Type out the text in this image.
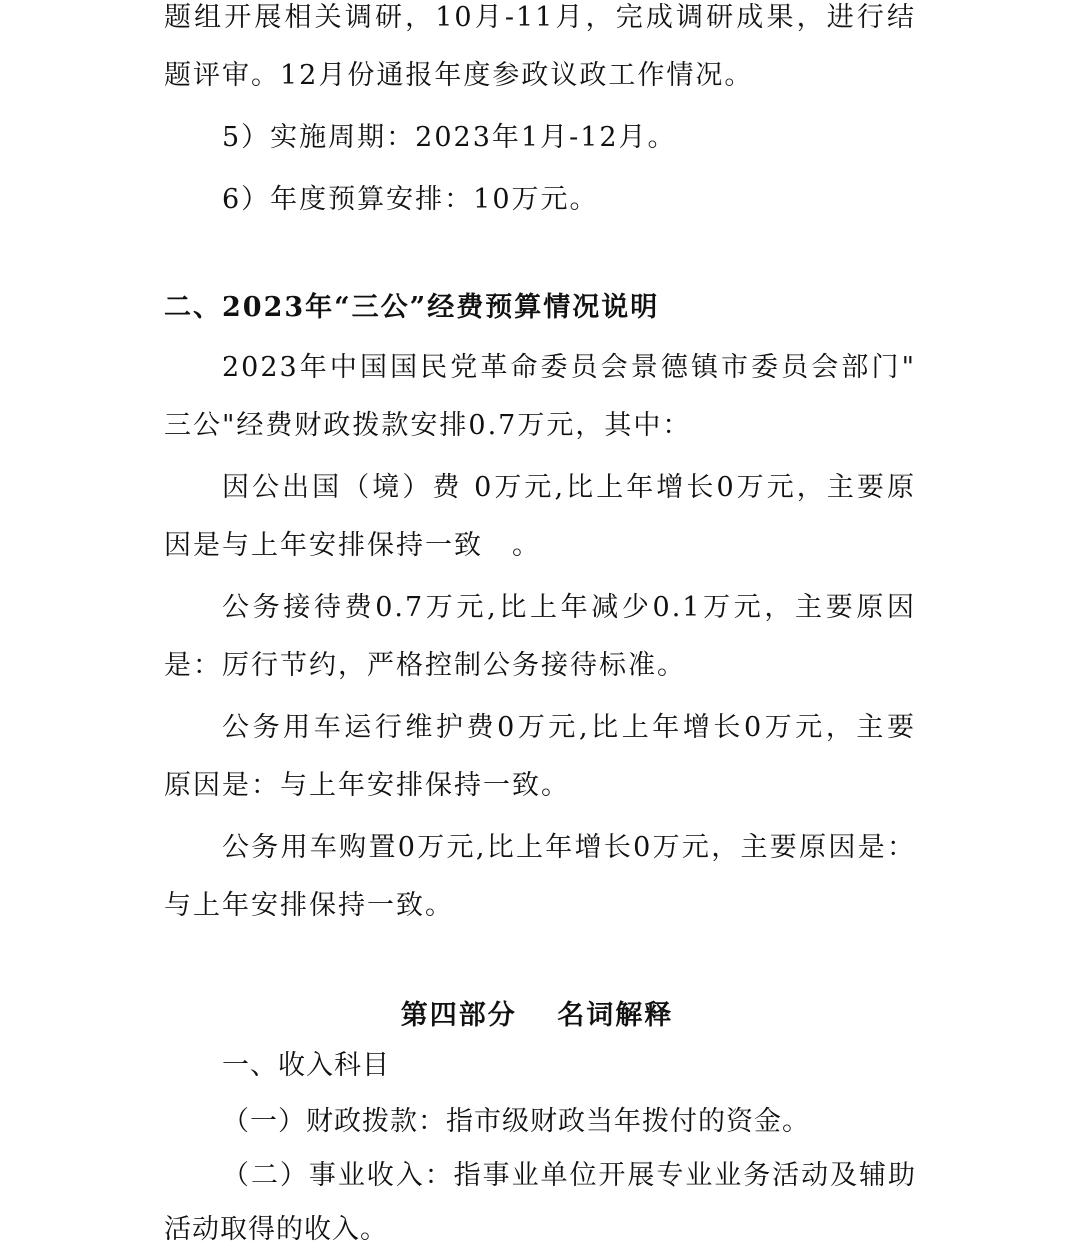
题组开展相关调研，10月-11月，完成调研成果，进行结
题评审。12月份通报年度参政议政工作情况。
5）实施周期：2023年1月-12月。
6）年度预算安排：10万元。
二、2023年“三公”经费预算情况说明
2023年中国国民党革命委员会景德镇市委员会部门"
三公"经费财政拨款安排0.7万元，其中：
因公出国（境）费 0万元,比上年增长0万元，主要原
因是与上年安排保持一致　。
公务接待费0.7万元,比上年减少0.1万元，主要原因
是：厉行节约，严格控制公务接待标准。
公务用车运行维护费0万元,比上年增长0万元，主要
原因是：与上年安排保持一致。
公务用车购置0万元,比上年增长0万元，主要原因是：
与上年安排保持一致。
第四部分　 名词解释
一、收入科目
（一）财政拨款：指市级财政当年拨付的资金。
（二）事业收入：指事业单位开展专业业务活动及辅助
活动取得的收入。
